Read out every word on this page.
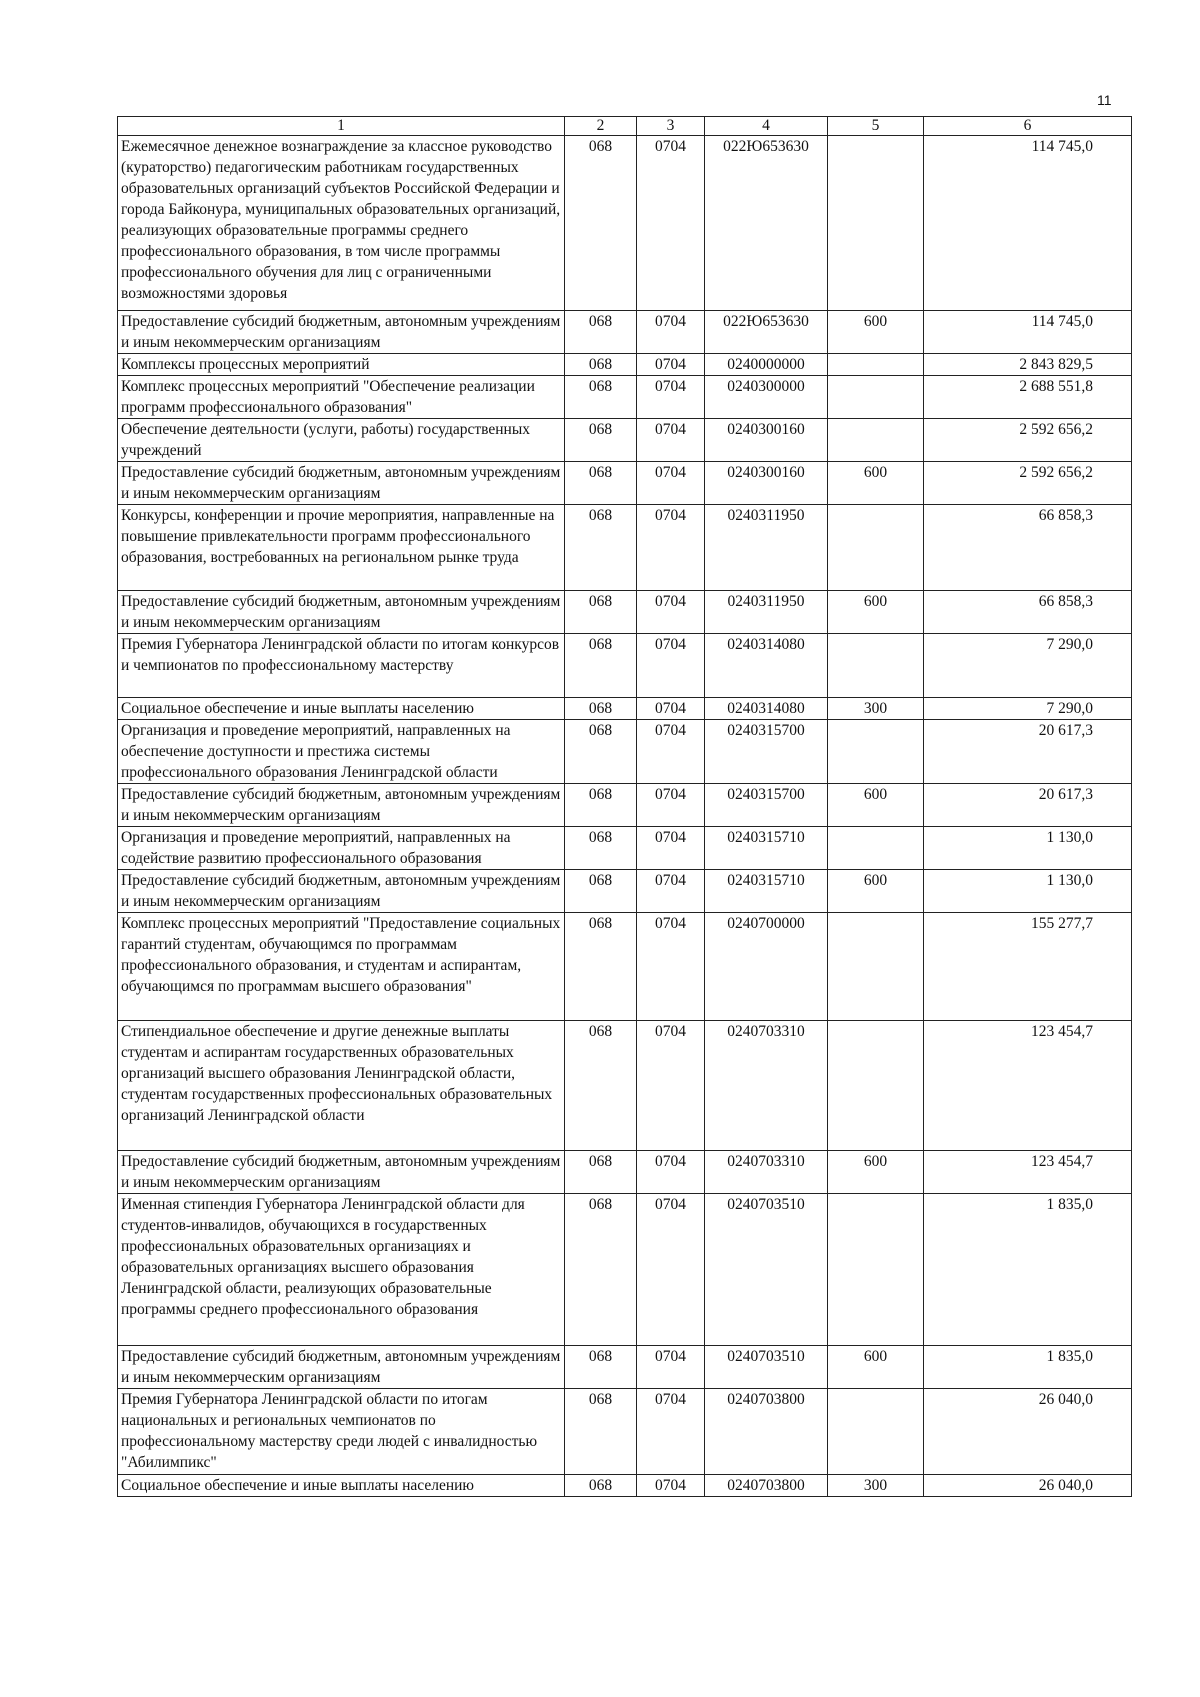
11
1	2	3	4	5	6
Ежемесячное денежное вознаграждение за классное руководство (кураторство) педагогическим работникам государственных образовательных организаций субъектов Российской Федерации и города Байконура, муниципальных образовательных организаций, реализующих образовательные программы среднего профессионального образования, в том числе программы профессионального обучения для лиц с ограниченными возможностями здоровья	068	0704	022Ю653630		114 745,0
Предоставление субсидий бюджетным, автономным учреждениям и иным некоммерческим организациям	068	0704	022Ю653630	600	114 745,0
Комплексы процессных мероприятий	068	0704	0240000000		2 843 829,5
Комплекс процессных мероприятий "Обеспечение реализации программ профессионального образования"	068	0704	0240300000		2 688 551,8
Обеспечение деятельности (услуги, работы) государственных учреждений	068	0704	0240300160		2 592 656,2
Предоставление субсидий бюджетным, автономным учреждениям и иным некоммерческим организациям	068	0704	0240300160	600	2 592 656,2
Конкурсы, конференции и прочие мероприятия, направленные на повышение привлекательности программ профессионального образования, востребованных на региональном рынке труда	068	0704	0240311950		66 858,3
Предоставление субсидий бюджетным, автономным учреждениям и иным некоммерческим организациям	068	0704	0240311950	600	66 858,3
Премия Губернатора Ленинградской области по итогам конкурсов и чемпионатов по профессиональному мастерству	068	0704	0240314080		7 290,0
Социальное обеспечение и иные выплаты населению	068	0704	0240314080	300	7 290,0
Организация и проведение мероприятий, направленных на обеспечение доступности и престижа системы профессионального образования Ленинградской области	068	0704	0240315700		20 617,3
Предоставление субсидий бюджетным, автономным учреждениям и иным некоммерческим организациям	068	0704	0240315700	600	20 617,3
Организация и проведение мероприятий, направленных на содействие развитию профессионального образования	068	0704	0240315710		1 130,0
Предоставление субсидий бюджетным, автономным учреждениям и иным некоммерческим организациям	068	0704	0240315710	600	1 130,0
Комплекс процессных мероприятий "Предоставление социальных гарантий студентам, обучающимся по программам профессионального образования, и студентам и аспирантам, обучающимся по программам высшего образования"	068	0704	0240700000		155 277,7
Стипендиальное обеспечение и другие денежные выплаты студентам и аспирантам государственных образовательных организаций высшего образования Ленинградской области, студентам государственных профессиональных образовательных организаций Ленинградской области	068	0704	0240703310		123 454,7
Предоставление субсидий бюджетным, автономным учреждениям и иным некоммерческим организациям	068	0704	0240703310	600	123 454,7
Именная стипендия Губернатора Ленинградской области для студентов-инвалидов, обучающихся в государственных профессиональных образовательных организациях и образовательных организациях высшего образования Ленинградской области, реализующих образовательные программы среднего профессионального образования	068	0704	0240703510		1 835,0
Предоставление субсидий бюджетным, автономным учреждениям и иным некоммерческим организациям	068	0704	0240703510	600	1 835,0
Премия Губернатора Ленинградской области по итогам национальных и региональных чемпионатов по профессиональному мастерству среди людей с инвалидностью "Абилимпикс"	068	0704	0240703800		26 040,0
Социальное обеспечение и иные выплаты населению	068	0704	0240703800	300	26 040,0
